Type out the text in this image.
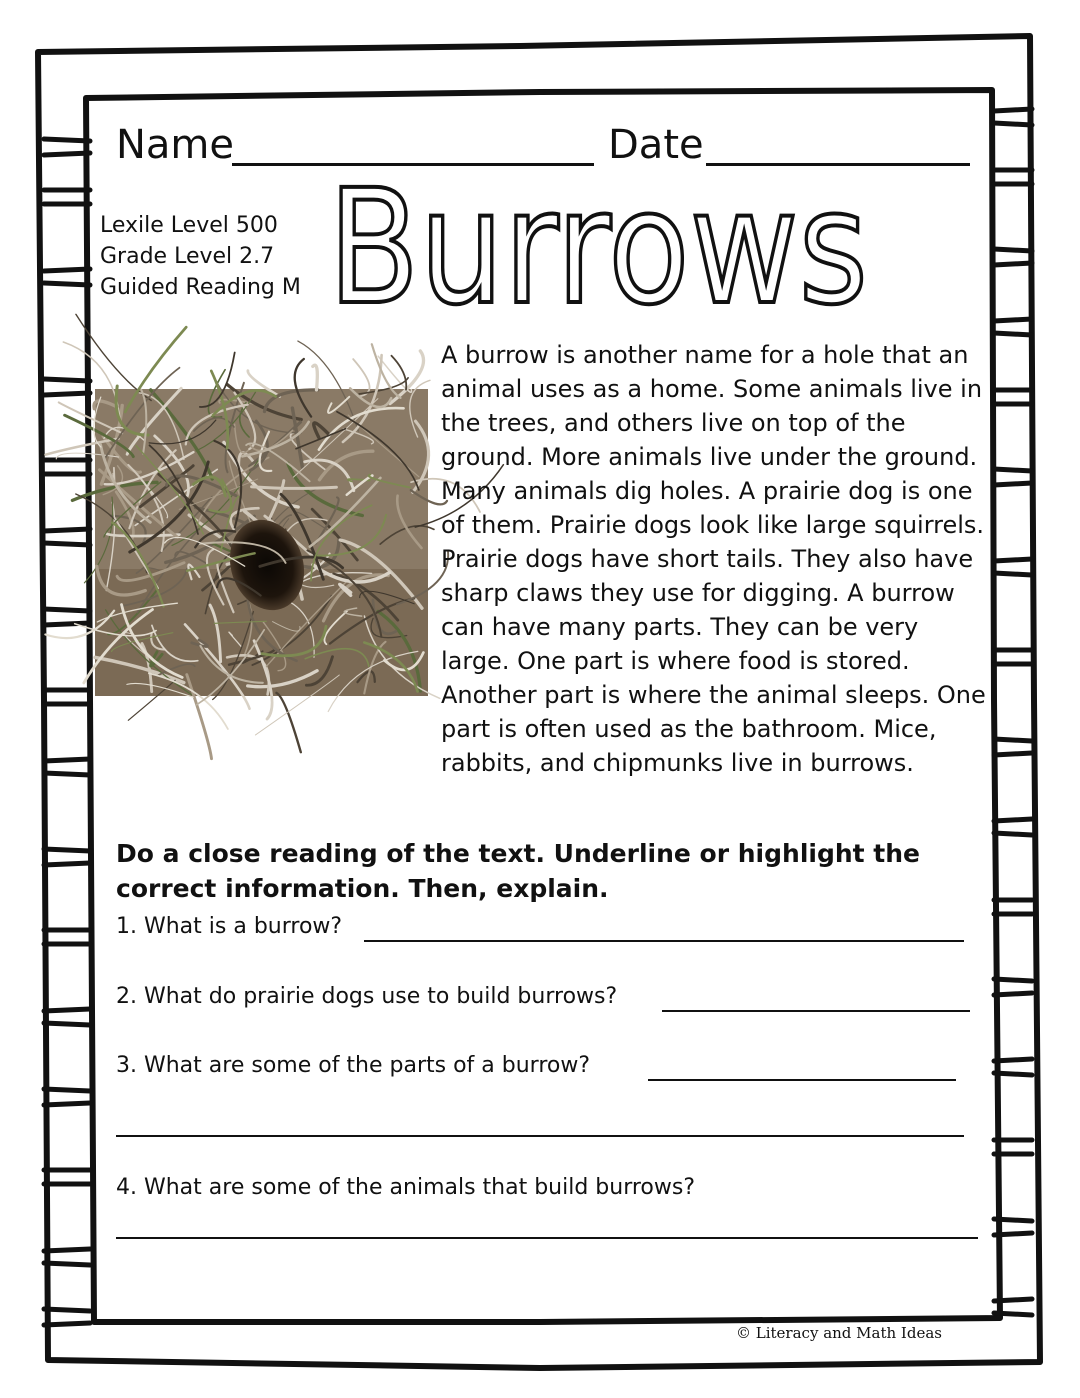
Name	Date
Lexile Level 500
Grade Level 2.7
Guided Reading M Burrows

A burrow is another name for a hole that an animal uses as a home. Some animals live in the trees, and others live on top of the ground. More animals live under the ground. Many animals dig holes. A prairie dog is one of them. Prairie dogs look like large squirrels. Prairie dogs have short tails. They also have sharp claws they use for digging. A burrow can have many parts. They can be very large. One part is where food is stored. Another part is where the animal sleeps. One part is often used as the bathroom. Mice, rabbits, and chipmunks live in burrows.

Do a close reading of the text. Underline or highlight the correct information. Then, explain.

1. What is a burrow?
2. What do prairie dogs use to build burrows?
3. What are some of the parts of a burrow?
4. What are some of the animals that build burrows?
© Literacy and Math Ideas
